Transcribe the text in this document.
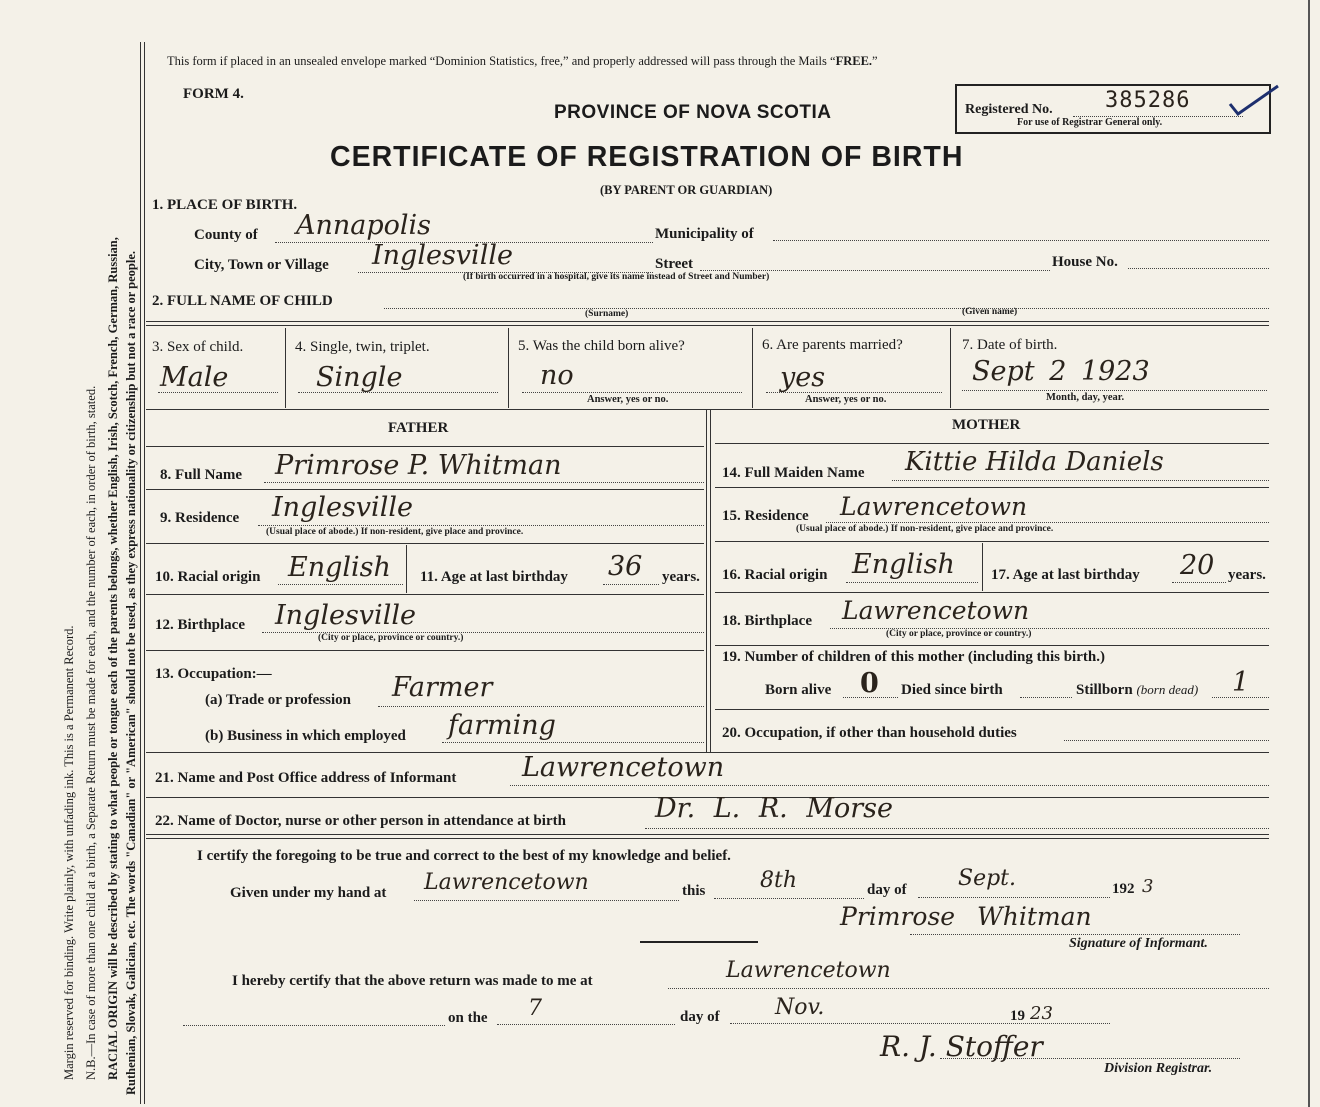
Margin reserved for binding. Write plainly, with unfading ink. This is a Permanent Record. N.B.—In case of more than one child at a birth, a Separate Return must be made for each, and the number of each, in order of birth, stated. RACIAL ORIGIN will be described by stating to what people or tongue each of the parents belongs, whether English, Irish, Scotch, French, German, Russian, Ruthenian, Slovak, Galician, etc. The words "Canadian" or "American" should not be used, as they express nationality or citizenship but not a race or people.
This form if placed in an unsealed envelope marked “Dominion Statistics, free,” and properly addressed will pass through the Mails “FREE.”
FORM 4.
PROVINCE OF NOVA SCOTIA
CERTIFICATE OF REGISTRATION OF BIRTH
(BY PARENT OR GUARDIAN)
Registered No. 385286
For use of Registrar General only.
1. PLACE OF BIRTH.
County of Annapolis	Municipality of
City, Town or Village Inglesville	Street	House No.
(If birth occurred in a hospital, give its name instead of Street and Number)
2. FULL NAME OF CHILD
(Surname)	(Given name)
3. Sex of child.
Male
4. Single, twin, triplet.
Single
5. Was the child born alive?
no
Answer, yes or no.
6. Are parents married?
yes
Answer, yes or no.
7. Date of birth.
Sept 2 1923
Month, day, year.
FATHER
8. Full Name Primrose P. Whitman
9. Residence Inglesville
(Usual place of abode.) If non-resident, give place and province.
10. Racial origin English 11. Age at last birthday 36 years.
12. Birthplace Inglesville
(City or place, province or country.)
13. Occupation:—
(a) Trade or profession Farmer
(b) Business in which employed farming
MOTHER
14. Full Maiden Name Kittie Hilda Daniels
15. Residence Lawrencetown
(Usual place of abode.) If non-resident, give place and province.
16. Racial origin English 17. Age at last birthday 20 years.
18. Birthplace Lawrencetown
(City or place, province or country.)
19. Number of children of this mother (including this birth.)
Born alive 0 Died since birth	Stillborn (born dead) 1
20. Occupation, if other than household duties
21. Name and Post Office address of Informant Lawrencetown
22. Name of Doctor, nurse or other person in attendance at birth	Dr. L. R. Morse
I certify the foregoing to be true and correct to the best of my knowledge and belief.
Given under my hand at Lawrencetown	this 8th	day of Sept.	192 3
Primrose Whitman
Signature of Informant.
I hereby certify that the above return was made to me at	Lawrencetown
on the 7	day of	Nov.	19 23
R. J. Stoffer
Division Registrar.
